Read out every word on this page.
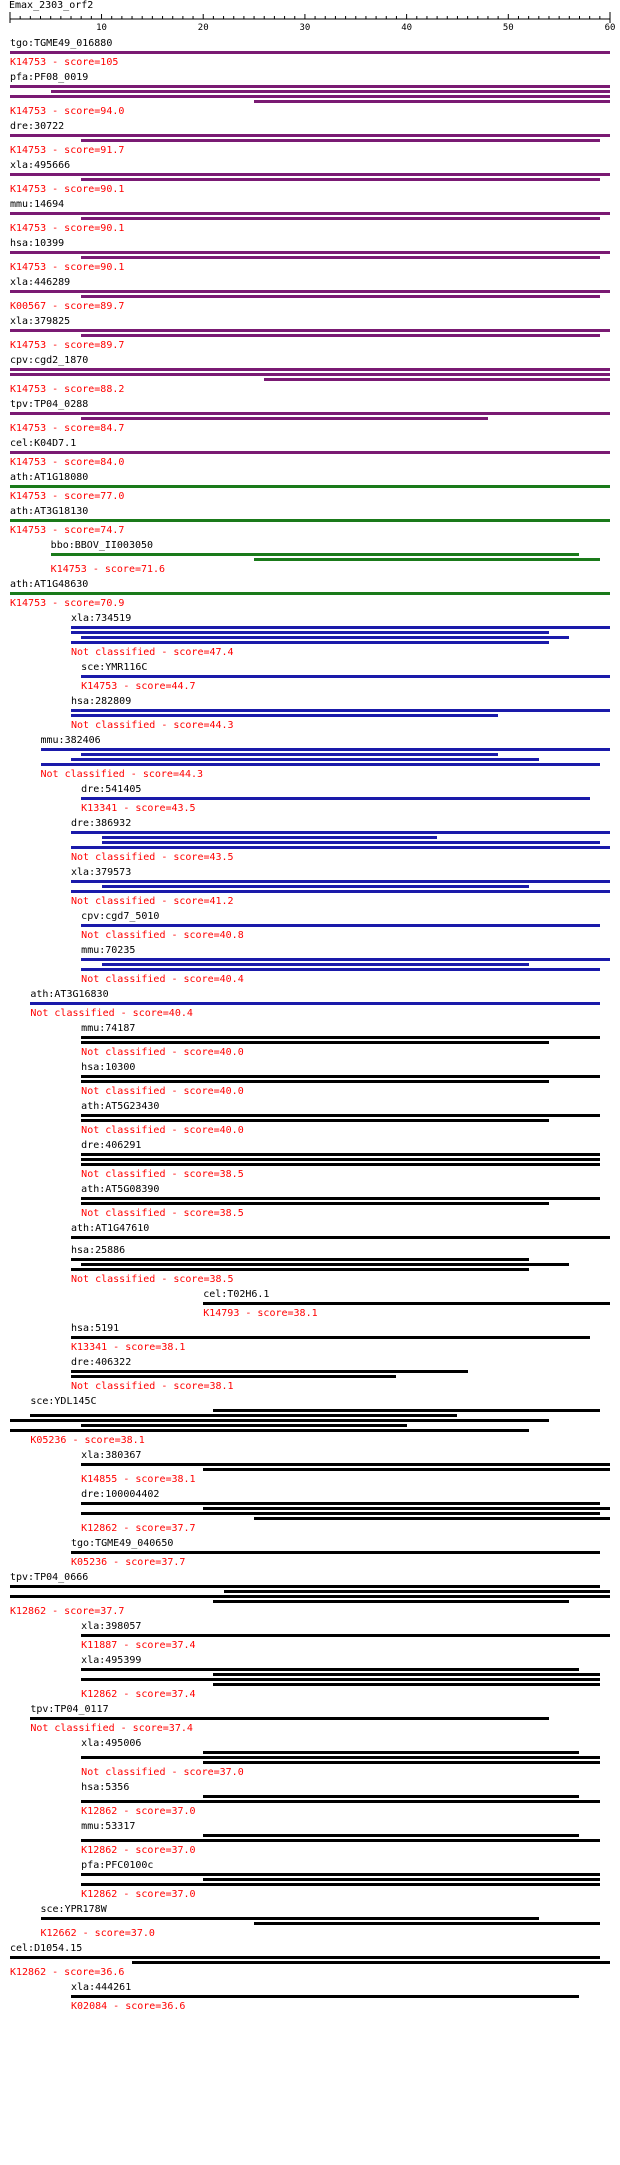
Emax_2303_orf2
10	20	30	40	50	60
tgo:TGME49_016880
K14753 - score=105
pfa:PF08_0019
K14753 - score=94.0
dre:30722
K14753 - score=91.7
xla:495666
K14753 - score=90.1
mmu:14694
K14753 - score=90.1
hsa:10399
K14753 - score=90.1
xla:446289
K00567 - score=89.7
xla:379825
K14753 - score=89.7
cpv:cgd2_1870
K14753 - score=88.2
tpv:TP04_0288
K14753 - score=84.7
cel:K04D7.1
K14753 - score=84.0
ath:AT1G18080
K14753 - score=77.0
ath:AT3G18130
K14753 - score=74.7
bbo:BBOV_II003050
K14753 - score=71.6
ath:AT1G48630
K14753 - score=70.9
xla:734519
Not classified - score=47.4
sce:YMR116C
K14753 - score=44.7
hsa:282809
Not classified - score=44.3
mmu:382406
Not classified - score=44.3
dre:541405
K13341 - score=43.5
dre:386932
Not classified - score=43.5
xla:379573
Not classified - score=41.2
cpv:cgd7_5010
Not classified - score=40.8
mmu:70235
Not classified - score=40.4
ath:AT3G16830
Not classified - score=40.4
mmu:74187
Not classified - score=40.0
hsa:10300
Not classified - score=40.0
ath:AT5G23430
Not classified - score=40.0
dre:406291
Not classified - score=38.5
ath:AT5G08390
Not classified - score=38.5
ath:AT1G47610
hsa:25886
Not classified - score=38.5
cel:T02H6.1
K14793 - score=38.1
hsa:5191
K13341 - score=38.1
dre:406322
Not classified - score=38.1
sce:YDL145C
K05236 - score=38.1
xla:380367
K14855 - score=38.1
dre:100004402
K12862 - score=37.7
tgo:TGME49_040650
K05236 - score=37.7
tpv:TP04_0666
K12862 - score=37.7
xla:398057
K11887 - score=37.4
xla:495399
K12862 - score=37.4
tpv:TP04_0117
Not classified - score=37.4
xla:495006
Not classified - score=37.0
hsa:5356
K12862 - score=37.0
mmu:53317
K12862 - score=37.0
pfa:PFC0100c
K12862 - score=37.0
sce:YPR178W
K12662 - score=37.0
cel:D1054.15
K12862 - score=36.6
xla:444261
K02084 - score=36.6
